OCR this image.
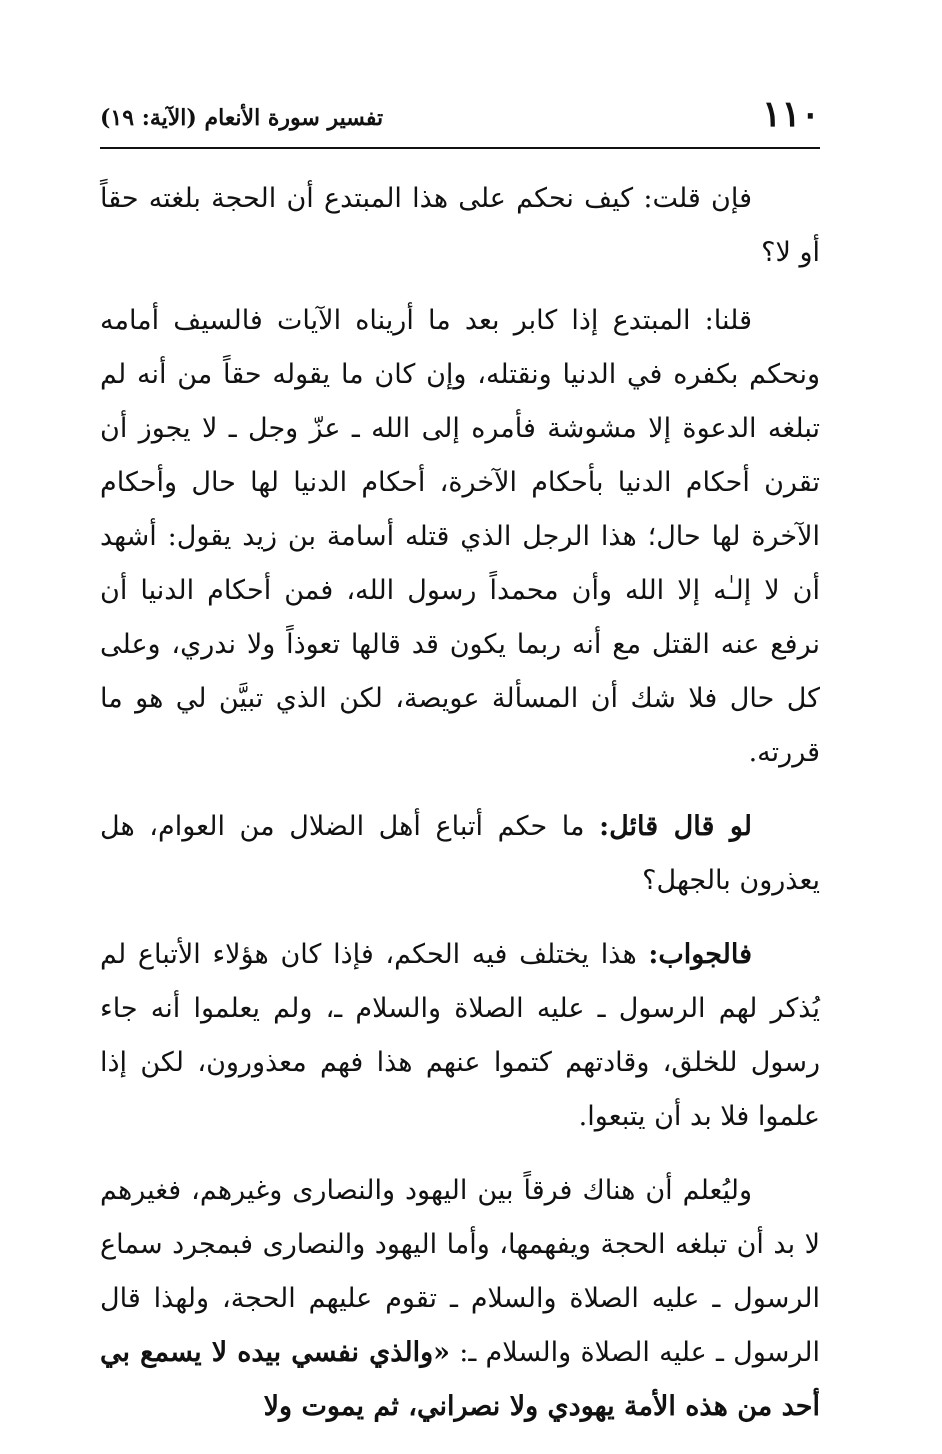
١١٠
تفسير سورة الأنعام (الآية: ١٩)

فإن قلت: كيف نحكم على هذا المبتدع أن الحجة بلغته حقاً أو لا؟

قلنا: المبتدع إذا كابر بعد ما أريناه الآيات فالسيف أمامه ونحكم بكفره في الدنيا ونقتله، وإن كان ما يقوله حقاً من أنه لم تبلغه الدعوة إلا مشوشة فأمره إلى الله ـ عزّ وجل ـ لا يجوز أن تقرن أحكام الدنيا بأحكام الآخرة، أحكام الدنيا لها حال وأحكام الآخرة لها حال؛ هذا الرجل الذي قتله أسامة بن زيد يقول: أشهد أن لا إلـٰه إلا الله وأن محمداً رسول الله، فمن أحكام الدنيا أن نرفع عنه القتل مع أنه ربما يكون قد قالها تعوذاً ولا ندري، وعلى كل حال فلا شك أن المسألة عويصة، لكن الذي تبيَّن لي هو ما قررته.

لو قال قائل: ما حكم أتباع أهل الضلال من العوام، هل يعذرون بالجهل؟

فالجواب: هذا يختلف فيه الحكم، فإذا كان هؤلاء الأتباع لم يُذكر لهم الرسول ـ عليه الصلاة والسلام ـ، ولم يعلموا أنه جاء رسول للخلق، وقادتهم كتموا عنهم هذا فهم معذورون، لكن إذا علموا فلا بد أن يتبعوا.

وليُعلم أن هناك فرقاً بين اليهود والنصارى وغيرهم، فغيرهم لا بد أن تبلغه الحجة ويفهمها، وأما اليهود والنصارى فبمجرد سماع الرسول ـ عليه الصلاة والسلام ـ تقوم عليهم الحجة، ولهذا قال الرسول ـ عليه الصلاة والسلام ـ: «والذي نفسي بيده لا يسمع بي أحد من هذه الأمة يهودي ولا نصراني، ثم يموت ولا
